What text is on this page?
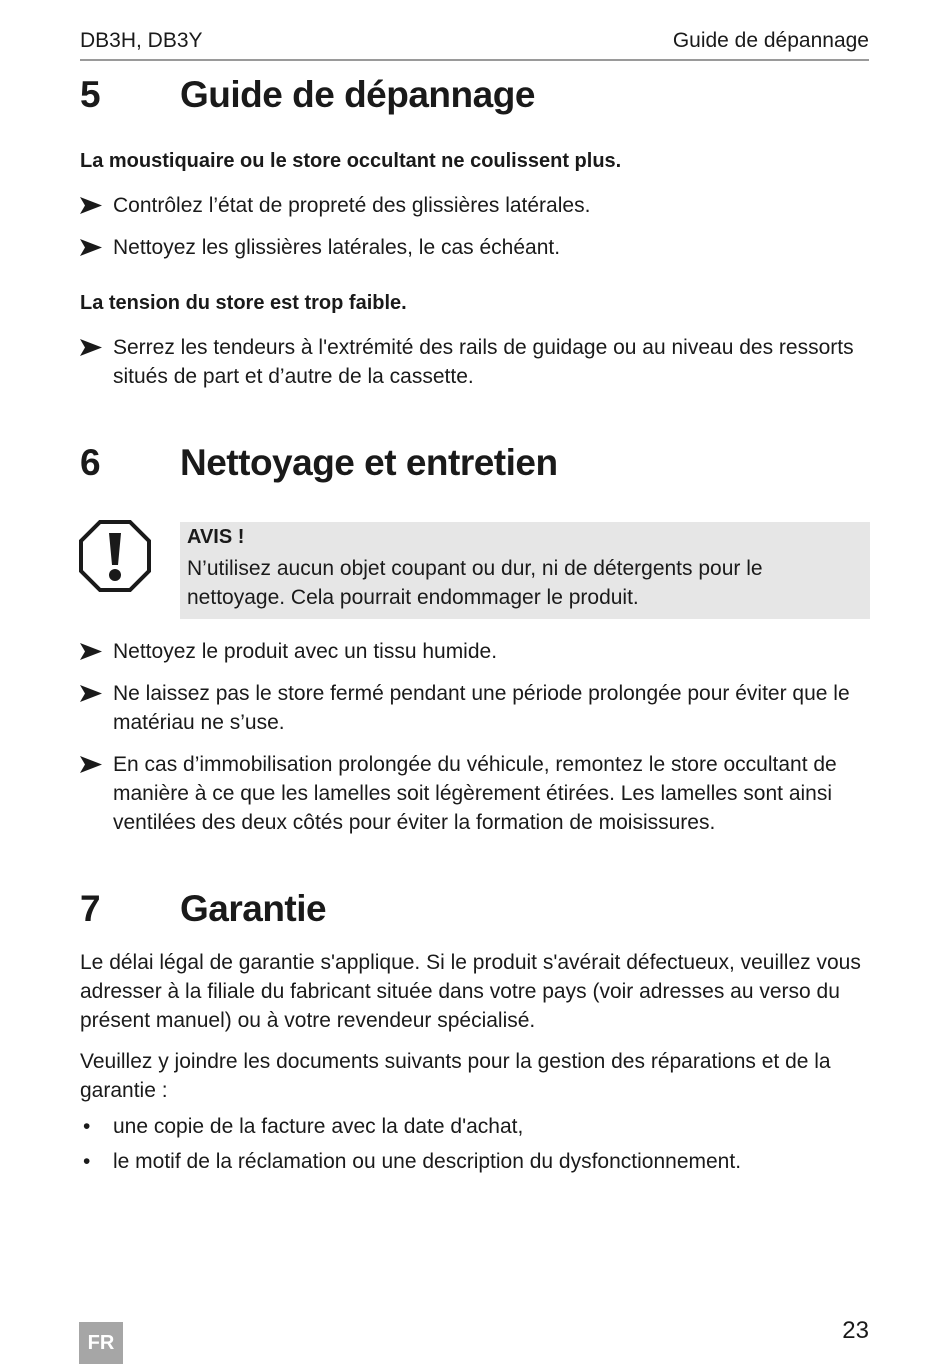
DB3H, DB3Y	Guide de dépannage
5 Guide de dépannage
La moustiquaire ou le store occultant ne coulissent plus.
Contrôlez l’état de propreté des glissières latérales.
Nettoyez les glissières latérales, le cas échéant.
La tension du store est trop faible.
Serrez les tendeurs à l'extrémité des rails de guidage ou au niveau des ressorts situés de part et d’autre de la cassette.
6 Nettoyage et entretien
AVIS !
N’utilisez aucun objet coupant ou dur, ni de détergents pour le nettoyage. Cela pourrait endommager le produit.
Nettoyez le produit avec un tissu humide.
Ne laissez pas le store fermé pendant une période prolongée pour éviter que le matériau ne s’use.
En cas d’immobilisation prolongée du véhicule, remontez le store occultant de manière à ce que les lamelles soit légèrement étirées. Les lamelles sont ainsi ventilées des deux côtés pour éviter la formation de moisissures.
7 Garantie
Le délai légal de garantie s'applique. Si le produit s'avérait défectueux, veuillez vous adresser à la filiale du fabricant située dans votre pays (voir adresses au verso du présent manuel) ou à votre revendeur spécialisé.
Veuillez y joindre les documents suivants pour la gestion des réparations et de la garantie :
• une copie de la facture avec la date d'achat,
• le motif de la réclamation ou une description du dysfonctionnement.
FR	23
